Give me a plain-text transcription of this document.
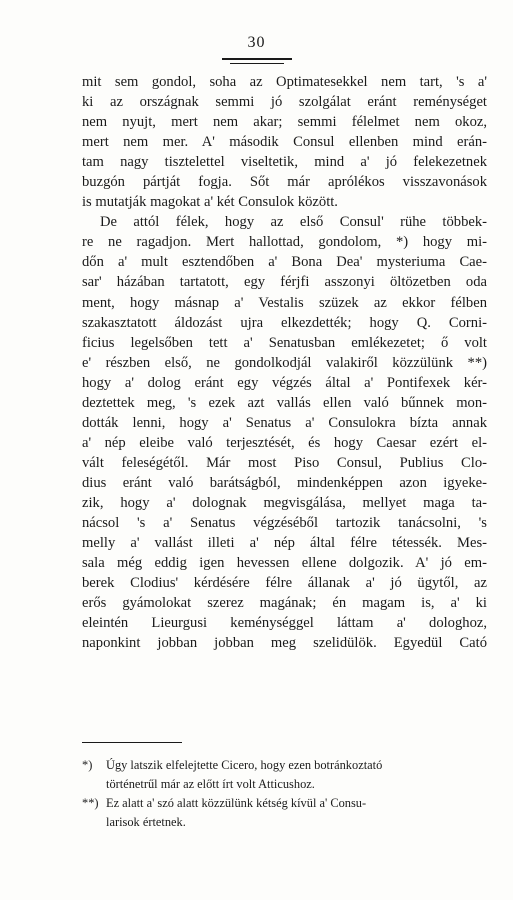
30
mit sem gondol, soha az Optimatesekkel nem tart, 's a'
ki az országnak semmi jó szolgálat eránt reménységet
nem nyujt, mert nem akar; semmi félelmet nem okoz,
mert nem mer. A' második Consul ellenben mind erán-
tam nagy tisztelettel viseltetik, mind a' jó felekezetnek
buzgón pártját fogja. Sőt már aprólékos visszavonások
is mutatják magokat a' két Consulok között.
De attól félek, hogy az első Consul' rühe többek-
re ne ragadjon. Mert hallottad, gondolom, *) hogy mi-
dőn a' mult esztendőben a' Bona Dea' mysteriuma Cae-
sar' házában tartatott, egy férjfi asszonyi öltözetben oda
ment, hogy másnap a' Vestalis szüzek az ekkor félben
szakasztatott áldozást ujra elkezdették; hogy Q. Corni-
ficius legelsőben tett a' Senatusban emlékezetet; ő volt
e' részben első, ne gondolkodjál valakiről közzülünk **)
hogy a' dolog eránt egy végzés által a' Pontifexek kér-
deztettek meg, 's ezek azt vallás ellen való bűnnek mon-
dották lenni, hogy a' Senatus a' Consulokra bízta annak
a' nép eleibe való terjesztését, és hogy Caesar ezért el-
vált feleségétől. Már most Piso Consul, Publius Clo-
dius eránt való barátságból, mindenképpen azon igyeke-
zik, hogy a' dolognak megvisgálása, mellyet maga ta-
nácsol 's a' Senatus végzéséből tartozik tanácsolni, 's
melly a' vallást illeti a' nép által félre tétessék. Mes-
sala még eddig igen hevessen ellene dolgozik. A' jó em-
berek Clodius' kérdésére félre állanak a' jó ügytől, az
erős gyámolokat szerez magának; én magam is, a' ki
eleintén Lieurgusi keménységgel láttam a' dologhoz,
naponkint jobban jobban meg szelidülök. Egyedül Cató
*) Úgy latszik elfelejtette Cicero, hogy ezen botránkoztató
történetrűl már az előtt írt volt Atticushoz.
**) Ez alatt a' szó alatt közzülünk kétség kívül a' Consu-
larisok értetnek.
